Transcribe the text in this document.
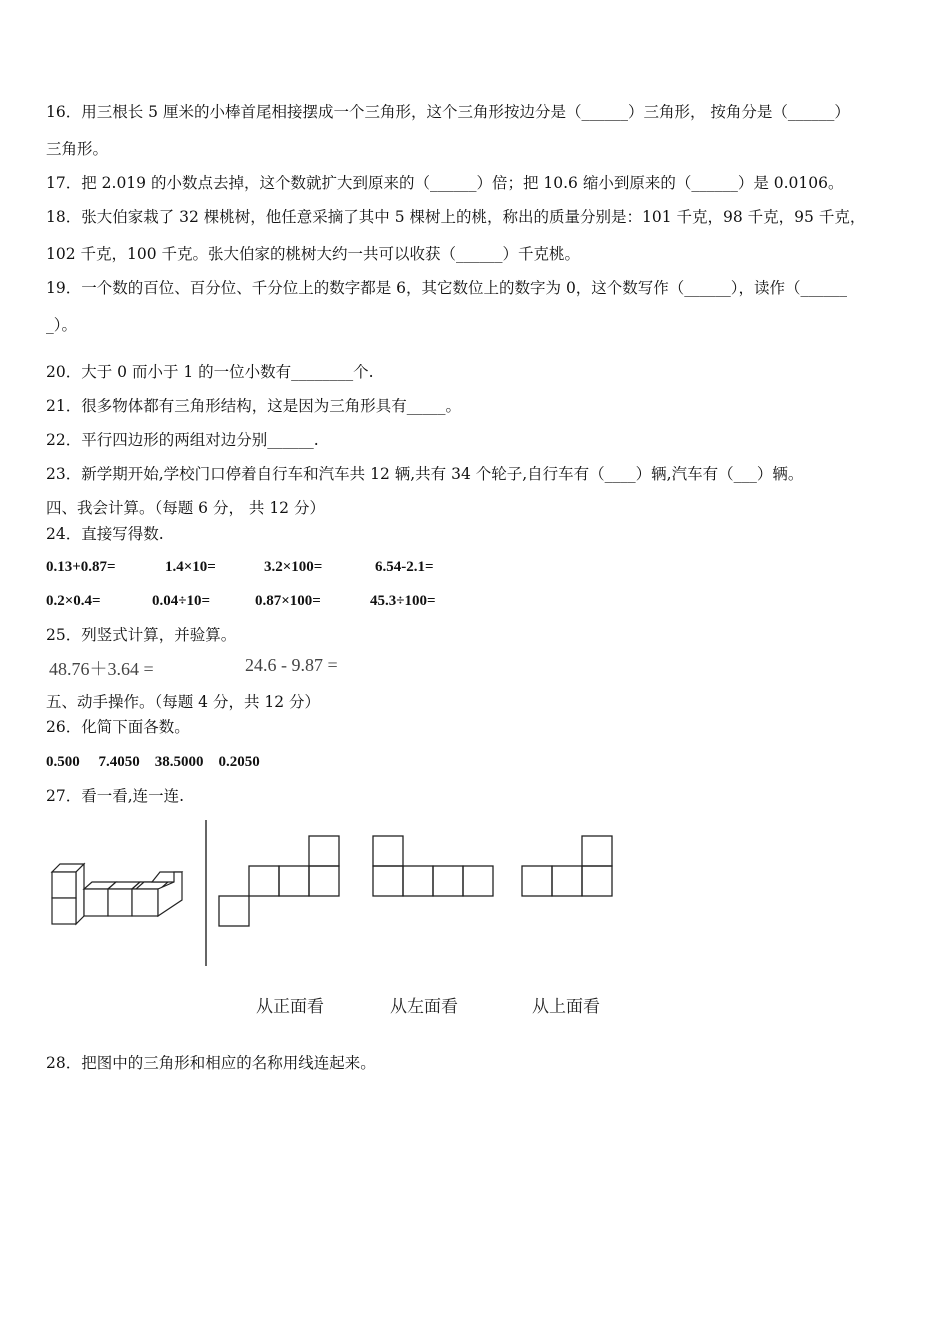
16．用三根长 5 厘米的小棒首尾相接摆成一个三角形，这个三角形按边分是（______）三角形， 按角分是（______）
三角形。
17．把 2.019 的小数点去掉，这个数就扩大到原来的（______）倍；把 10.6 缩小到原来的（______）是 0.0106。
18．张大伯家栽了 32 棵桃树，他任意采摘了其中 5 棵树上的桃，称出的质量分别是：101 千克，98 千克，95 千克，
102 千克，100 千克。张大伯家的桃树大约一共可以收获（______）千克桃。
19．一个数的百位、百分位、千分位上的数字都是 6，其它数位上的数字为 0，这个数写作（______），读作（______
_）。
20．大于 0 而小于 1 的一位小数有________个.
21．很多物体都有三角形结构，这是因为三角形具有_____。
22．平行四边形的两组对边分别______.
23．新学期开始,学校门口停着自行车和汽车共 12 辆,共有 34 个轮子,自行车有（____）辆,汽车有（___）辆。
四、我会计算。（每题 6 分， 共 12 分）
24．直接写得数.
0.13+0.87=	1.4×10=	3.2×100=	6.54-2.1=
0.2×0.4=	0.04÷10=	0.87×100=	45.3÷100=
25．列竖式计算，并验算。
48.76＋3.64 =	24.6 - 9.87 =
五、动手操作。（每题 4 分，共 12 分）
26．化简下面各数。
0.500　 7.4050　38.5000　0.2050
27．看一看,连一连.
从正面看	从左面看	从上面看
28．把图中的三角形和相应的名称用线连起来。
